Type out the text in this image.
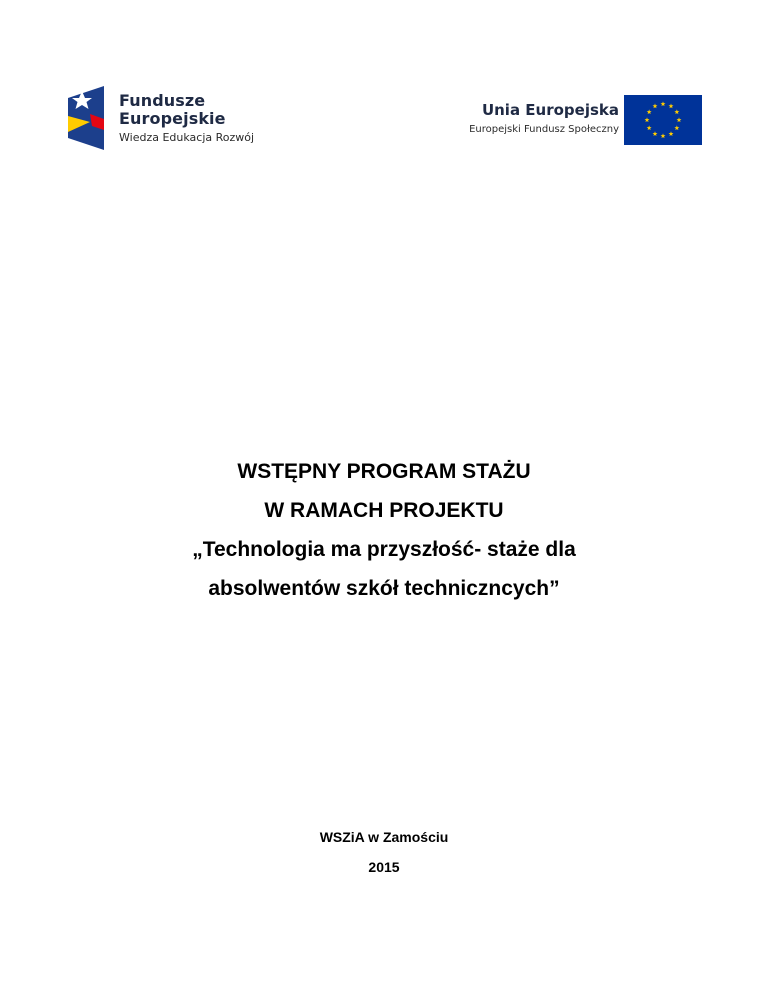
Fundusze
Europejskie
Wiedza Edukacja Rozwój
Unia Europejska
Europejski Fundusz Społeczny
WSTĘPNY PROGRAM STAŻU
W RAMACH PROJEKTU
„Technologia ma przyszłość- staże dla
absolwentów szkół techniczncych”
WSZiA w Zamościu
2015
